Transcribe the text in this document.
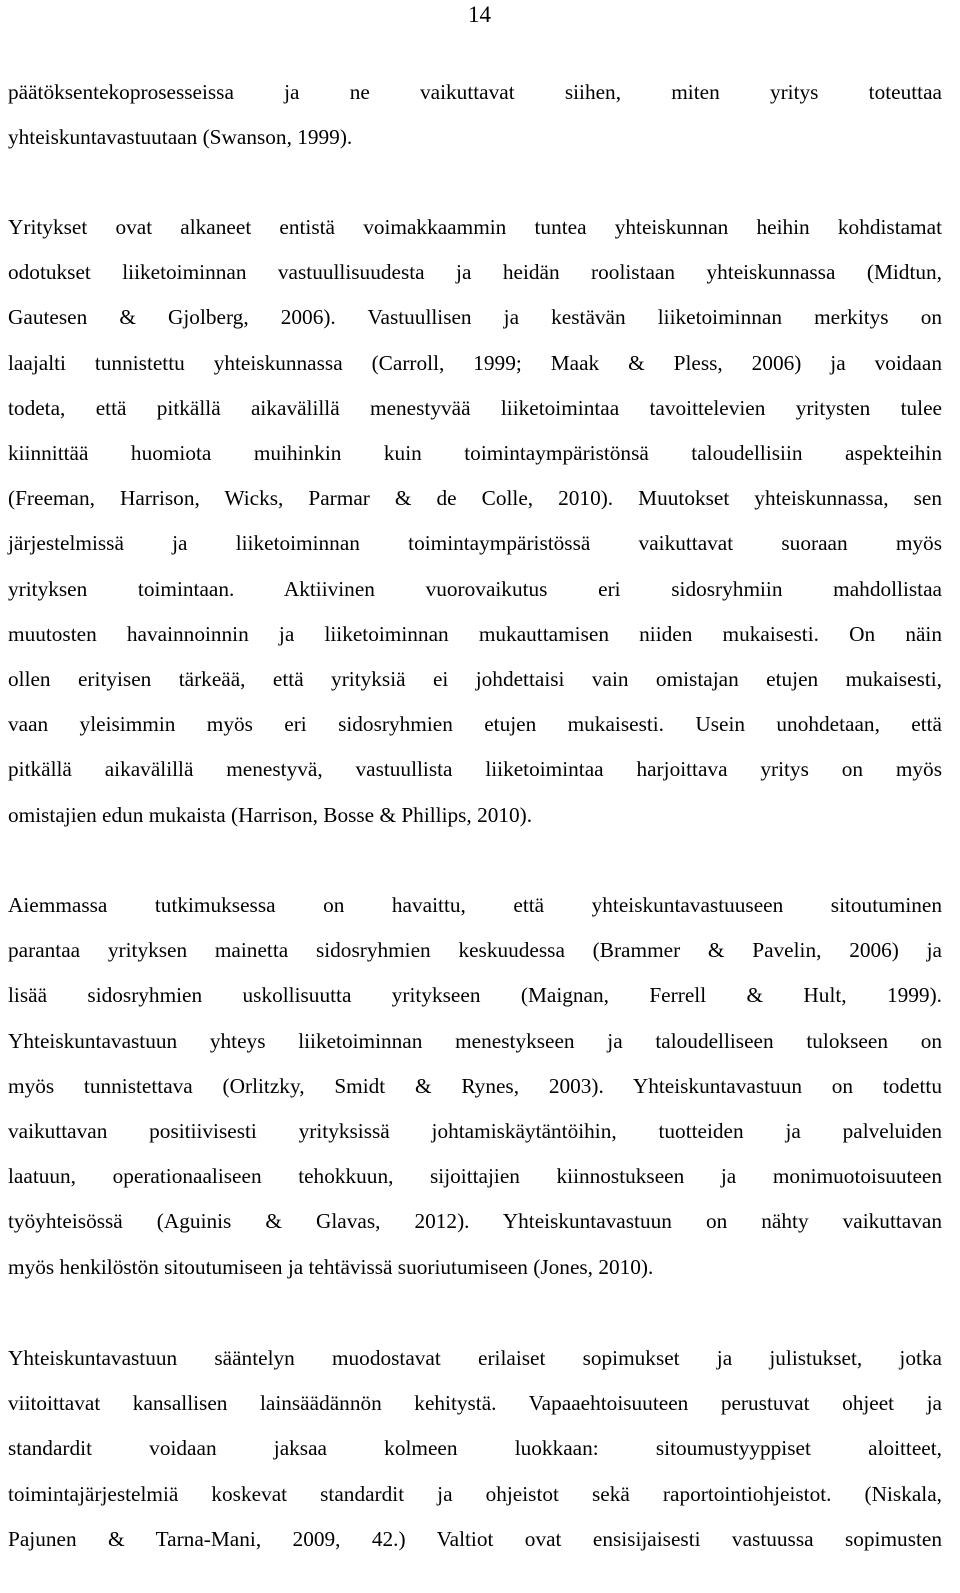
14
päätöksentekoprosesseissa ja ne vaikuttavat siihen, miten yritys toteuttaa
yhteiskuntavastuutaan (Swanson, 1999).
Yritykset ovat alkaneet entistä voimakkaammin tuntea yhteiskunnan heihin kohdistamat
odotukset liiketoiminnan vastuullisuudesta ja heidän roolistaan yhteiskunnassa (Midtun,
Gautesen & Gjolberg, 2006). Vastuullisen ja kestävän liiketoiminnan merkitys on
laajalti tunnistettu yhteiskunnassa (Carroll, 1999; Maak & Pless, 2006) ja voidaan
todeta, että pitkällä aikavälillä menestyvää liiketoimintaa tavoittelevien yritysten tulee
kiinnittää huomiota muihinkin kuin toimintaympäristönsä taloudellisiin aspekteihin
(Freeman, Harrison, Wicks, Parmar & de Colle, 2010). Muutokset yhteiskunnassa, sen
järjestelmissä ja liiketoiminnan toimintaympäristössä vaikuttavat suoraan myös
yrityksen toimintaan. Aktiivinen vuorovaikutus eri sidosryhmiin mahdollistaa
muutosten havainnoinnin ja liiketoiminnan mukauttamisen niiden mukaisesti. On näin
ollen erityisen tärkeää, että yrityksiä ei johdettaisi vain omistajan etujen mukaisesti,
vaan yleisimmin myös eri sidosryhmien etujen mukaisesti. Usein unohdetaan, että
pitkällä aikavälillä menestyvä, vastuullista liiketoimintaa harjoittava yritys on myös
omistajien edun mukaista (Harrison, Bosse & Phillips, 2010).
Aiemmassa tutkimuksessa on havaittu, että yhteiskuntavastuuseen sitoutuminen
parantaa yrityksen mainetta sidosryhmien keskuudessa (Brammer & Pavelin, 2006) ja
lisää sidosryhmien uskollisuutta yritykseen (Maignan, Ferrell & Hult, 1999).
Yhteiskuntavastuun yhteys liiketoiminnan menestykseen ja taloudelliseen tulokseen on
myös tunnistettava (Orlitzky, Smidt & Rynes, 2003). Yhteiskuntavastuun on todettu
vaikuttavan positiivisesti yrityksissä johtamiskäytäntöihin, tuotteiden ja palveluiden
laatuun, operationaaliseen tehokkuun, sijoittajien kiinnostukseen ja monimuotoisuuteen
työyhteisössä (Aguinis & Glavas, 2012). Yhteiskuntavastuun on nähty vaikuttavan
myös henkilöstön sitoutumiseen ja tehtävissä suoriutumiseen (Jones, 2010).
Yhteiskuntavastuun sääntelyn muodostavat erilaiset sopimukset ja julistukset, jotka
viitoittavat kansallisen lainsäädännön kehitystä. Vapaaehtoisuuteen perustuvat ohjeet ja
standardit voidaan jaksaa kolmeen luokkaan: sitoumustyyppiset aloitteet,
toimintajärjestelmiä koskevat standardit ja ohjeistot sekä raportointiohjeistot. (Niskala,
Pajunen & Tarna-Mani, 2009, 42.) Valtiot ovat ensisijaisesti vastuussa sopimusten
